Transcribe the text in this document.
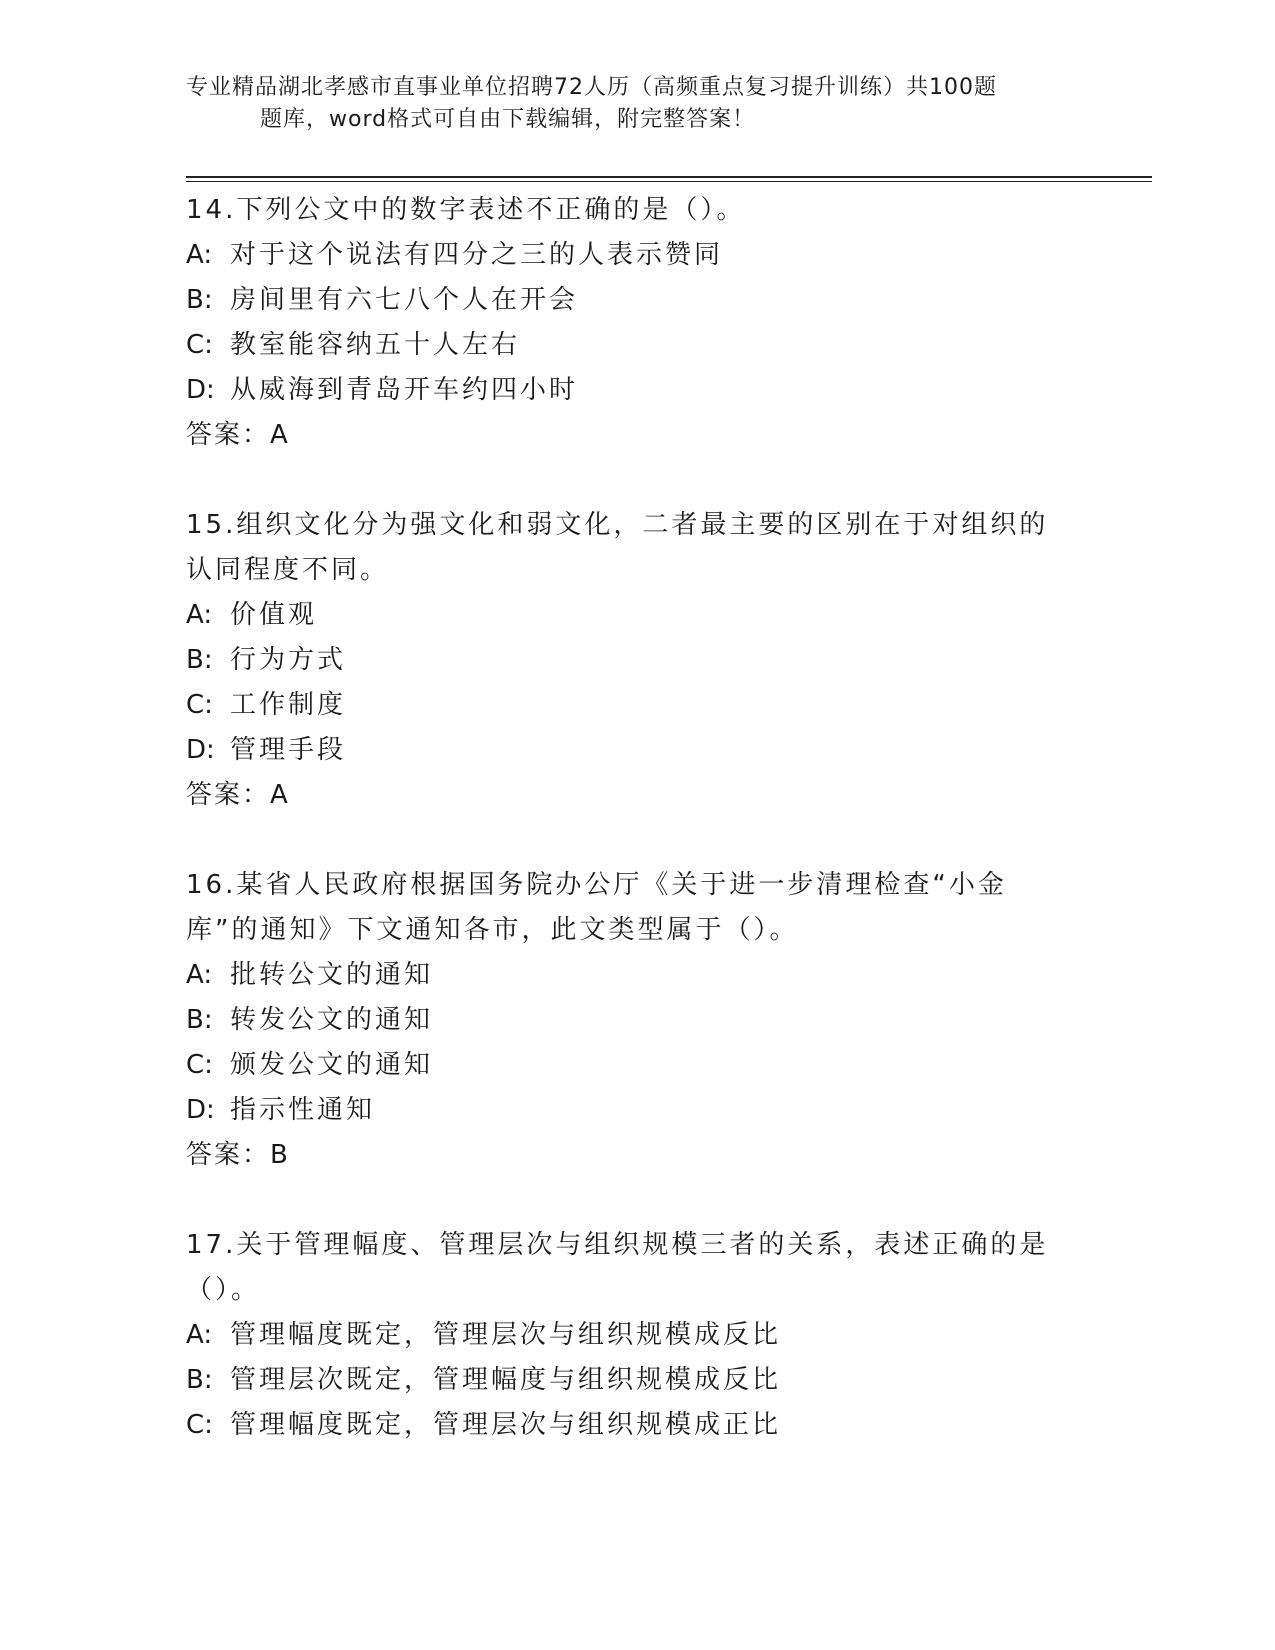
专业精品湖北孝感市直事业单位招聘72人历（高频重点复习提升训练）共100题
题库，word格式可自由下载编辑，附完整答案！

14.下列公文中的数字表述不正确的是（）。

A: 对于这个说法有四分之三的人表示赞同

B: 房间里有六七八个人在开会

C: 教室能容纳五十人左右

D: 从威海到青岛开车约四小时

答案：A

15.组织文化分为强文化和弱文化，二者最主要的区别在于对组织的认同程度不同。

A: 价值观

B: 行为方式

C: 工作制度

D: 管理手段

答案：A

16.某省人民政府根据国务院办公厅《关于进一步清理检查“小金库”的通知》下文通知各市，此文类型属于（）。

A: 批转公文的通知

B: 转发公文的通知

C: 颁发公文的通知

D: 指示性通知

答案：B

17.关于管理幅度、管理层次与组织规模三者的关系，表述正确的是（）。

A: 管理幅度既定，管理层次与组织规模成反比

B: 管理层次既定，管理幅度与组织规模成反比

C: 管理幅度既定，管理层次与组织规模成正比
